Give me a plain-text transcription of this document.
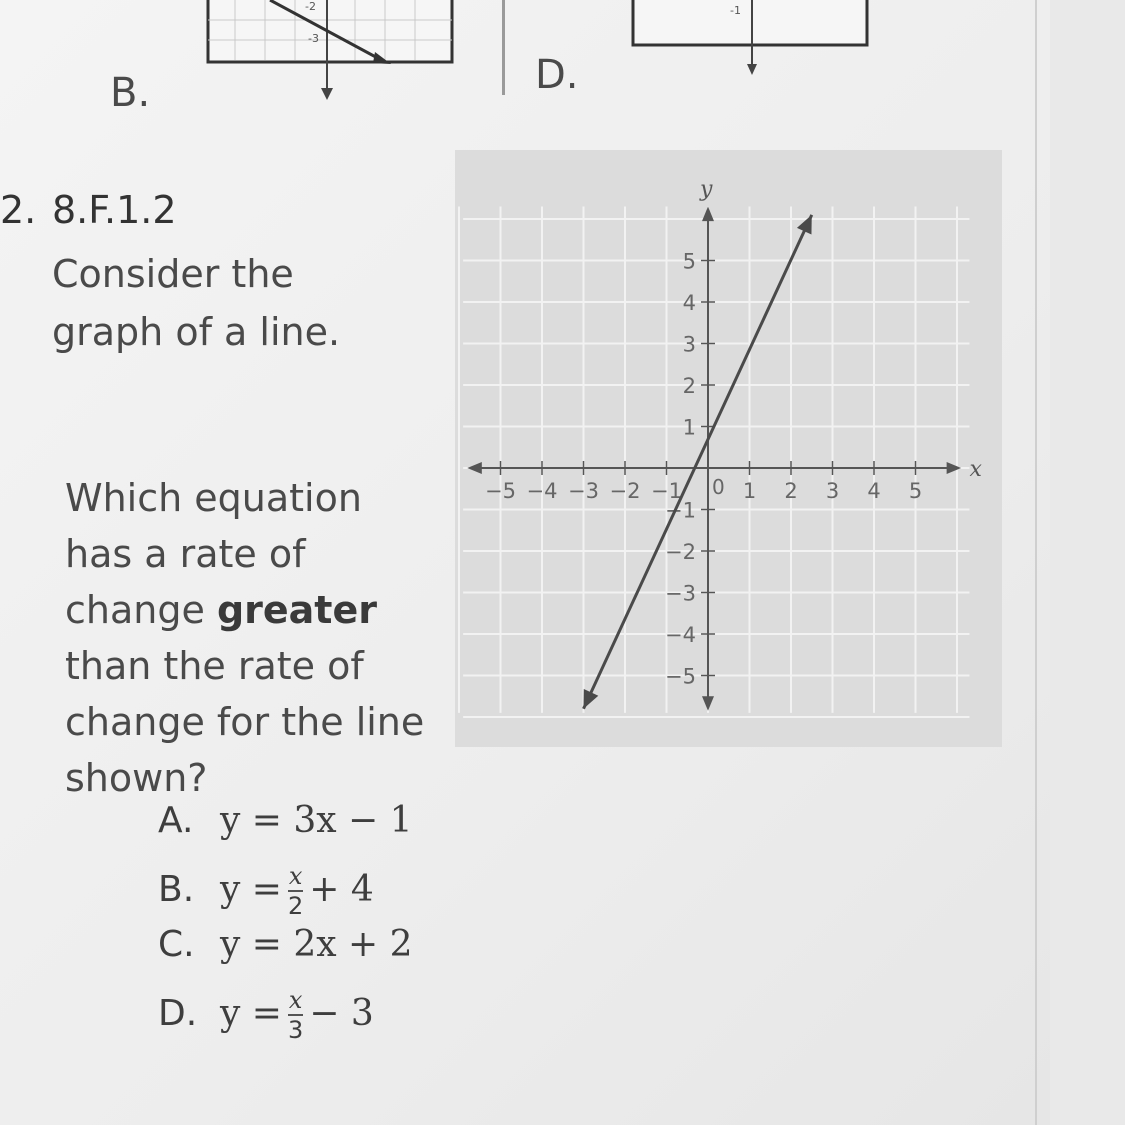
B.	D.
-2
-3
-1
2. 8.F.1.2
Consider the graph of a line.
Which equation has a rate of change greater than the rate of change for the line shown?
A. y = 3x − 1
B. $y = \frac{x}{2} + 4$
C. y = 2x + 2
D. $y = \frac{x}{3} - 3$
−5 −4 −3 −2 −1	1 2 3 4 5
−5
−4
−3
−2
−1
1
2
3
4
5
0
x
y
